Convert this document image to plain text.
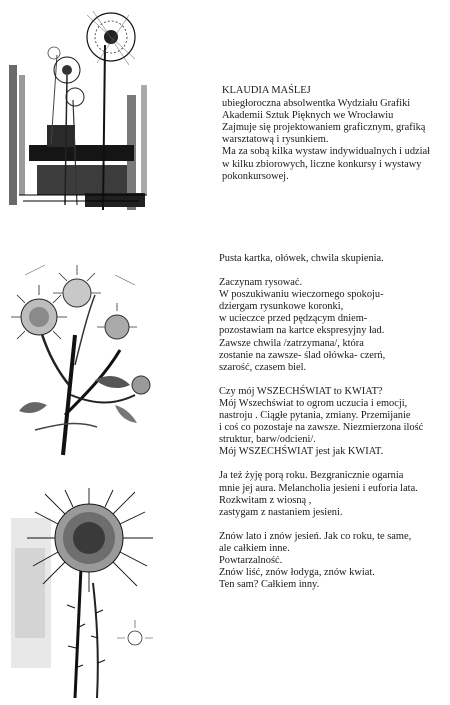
KLAUDIA MAŚLEJ

ubiegłoroczna absolwentka Wydziału Grafiki

Akademii Sztuk Pięknych we Wrocławiu

Zajmuje się projektowaniem graficznym, grafiką

warsztatową i rysunkiem.

Ma za sobą kilka wystaw indywidualnych i udział

w kilku zbiorowych, liczne konkursy i wystawy

pokonkursowej.

Pusta kartka, ołówek, chwila skupienia.

Zaczynam rysować.

W poszukiwaniu wieczornego spokoju-

dziergam rysunkowe koronki,

w ucieczce przed pędzącym dniem-

pozostawiam na kartce ekspresyjny ład.

Zawsze chwila /zatrzymana/, która

zostanie na zawsze- ślad ołówka- czerń,

szarość, czasem biel.

Czy mój WSZECHŚWIAT to KWIAT?

Mój Wszechświat to ogrom uczucia i emocji,

nastroju . Ciągłe pytania, zmiany. Przemijanie

i coś co pozostaje na zawsze. Niezmierzona ilość

struktur, barw/odcieni/.

Mój WSZECHŚWIAT jest jak KWIAT.

Ja też żyję porą roku. Bezgranicznie ogarnia

mnie jej aura. Melancholia jesieni i euforia lata.

Rozkwitam z wiosną ,

zastygam z nastaniem jesieni.

Znów lato i znów jesień. Jak co roku, te same,

ale całkiem inne.

Powtarzalność.

Znów liść, znów łodyga, znów kwiat.

Ten sam? Całkiem inny.
